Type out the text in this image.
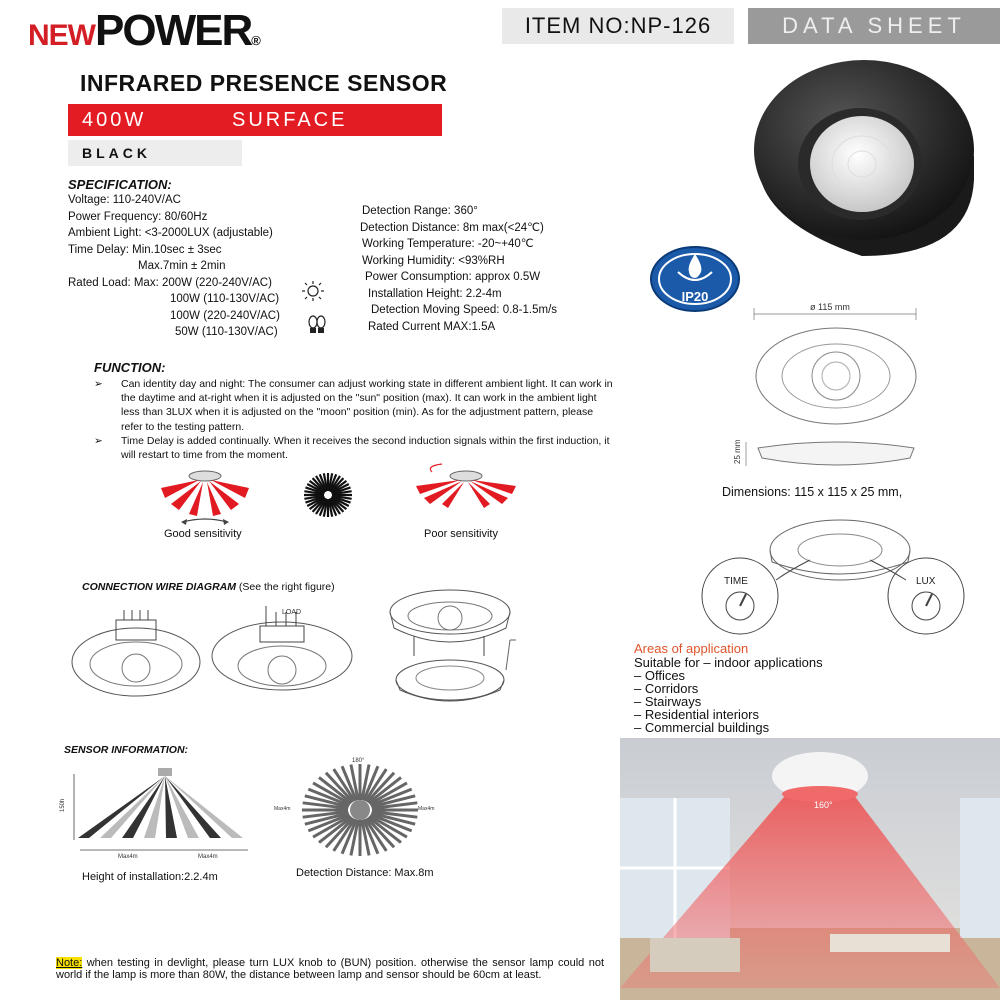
NEWPOWER®
ITEM NO:NP-126	DATA SHEET
INFRARED PRESENCE SENSOR
400W	SURFACE
BLACK
SPECIFICATION:
Voltage: 110-240V/AC
Power Frequency: 80/60Hz
Ambient Light: <3-2000LUX (adjustable)
Time Delay: Min.10sec ± 3sec
Max.7min ± 2min
Rated Load: Max: 200W (220-240V/AC)
100W (110-130V/AC)
100W (220-240V/AC)
50W (110-130V/AC)
Detection Range: 360°
Detection Distance: 8m max(<24℃)
Working Temperature: -20~+40℃
Working Humidity: <93%RH
Power Consumption: approx 0.5W
Installation Height: 2.2-4m
Detection Moving Speed: 0.8-1.5m/s
Rated Current MAX:1.5A
FUNCTION:
➢	Can identity day and night: The consumer can adjust working state in different ambient light. It can work in the daytime and at-right when it is adjusted on the "sun" position (max). It can work in the ambient light less than 3LUX when it is adjusted on the "moon" position (min). As for the adjustment pattern, please refer to the testing pattern.
➢	Time Delay is added continually. When it receives the second induction signals within the first induction, it will restart to time from the moment.
Good sensitivity	Poor sensitivity
CONNECTION WIRE DIAGRAM (See the right figure)
LOAD
SENSOR INFORMATION:
150h
Max4m	Max4m
Height of installation:2.2.4m
180°
Max4m	Max4m
Detection Distance: Max.8m
IP20
ø 115 mm
25 mm
Dimensions: 115 x 115 x 25 mm,
TIME	LUX
Areas of application
Suitable for – indoor applications
– Offices
– Corridors
– Stairways
– Residential interiors
– Commercial buildings
160°
Note: when testing in devlight, please turn LUX knob to (BUN) position. otherwise the sensor lamp could not world if the lamp is more than 80W, the distance between lamp and sensor should be 60cm at least.
